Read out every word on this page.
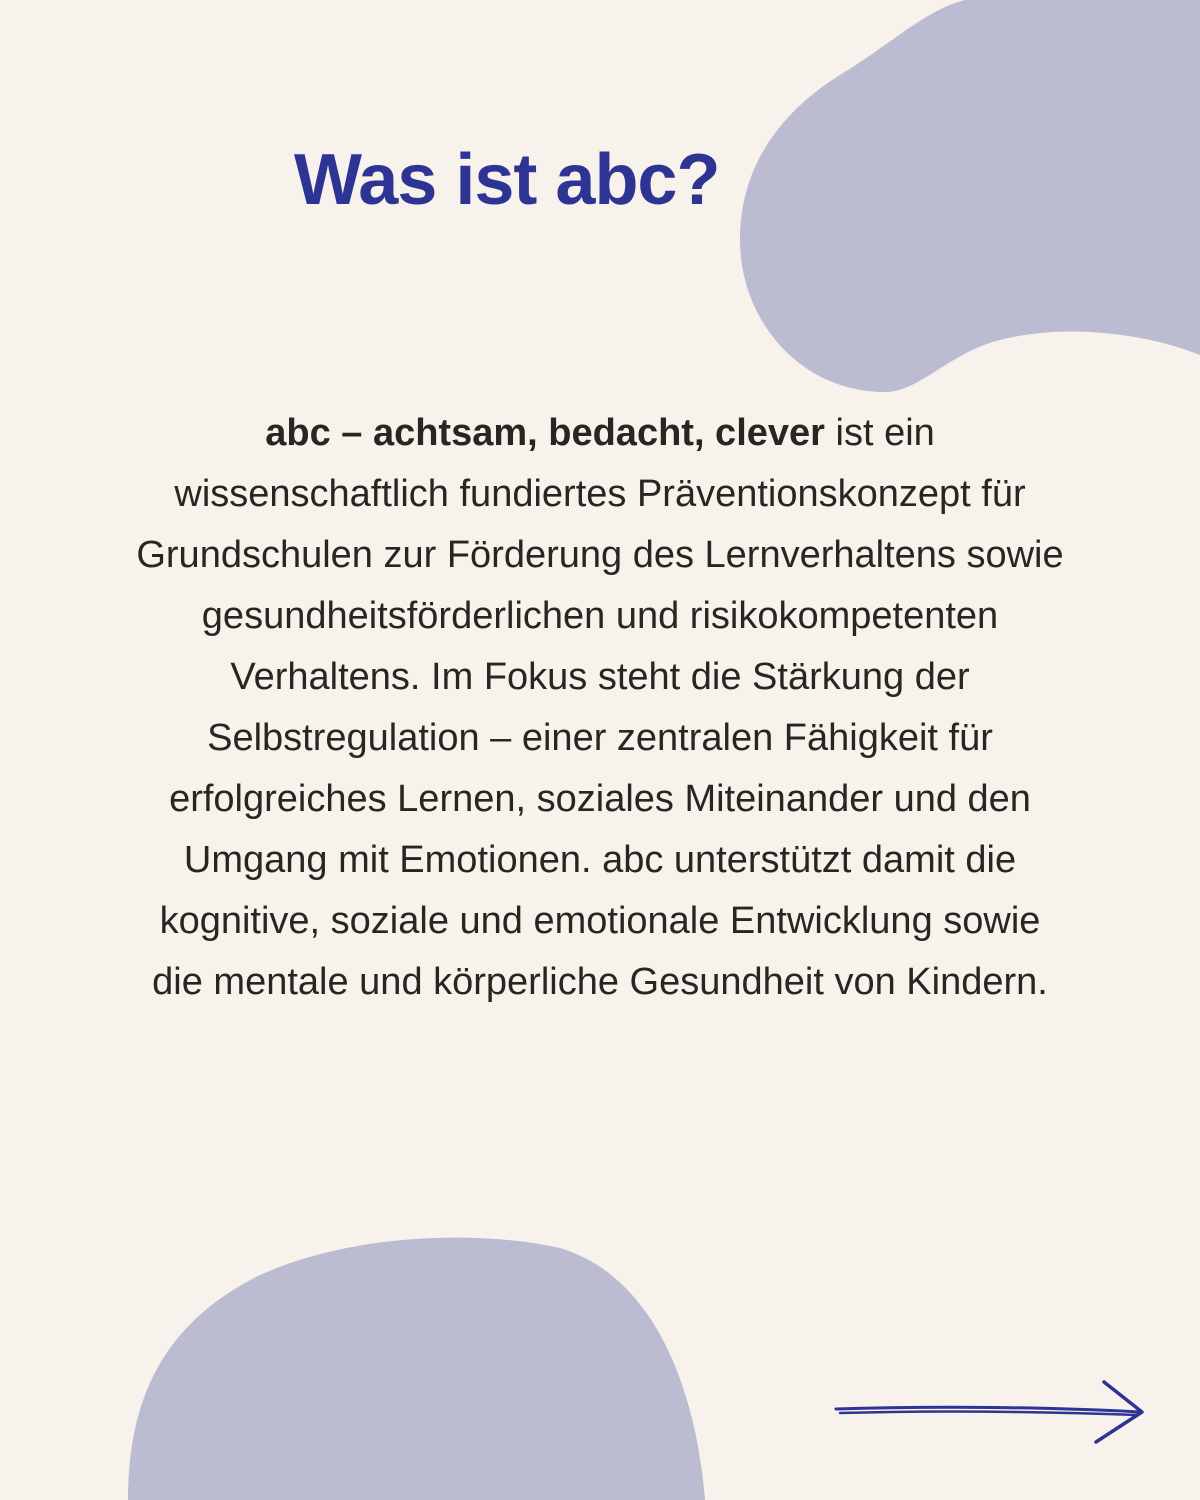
Was ist abc?

abc – achtsam, bedacht, clever ist ein wissenschaftlich fundiertes Präventionskonzept für Grundschulen zur Förderung des Lernverhaltens sowie gesundheitsförderlichen und risikokompetenten Verhaltens. Im Fokus steht die Stärkung der Selbstregulation – einer zentralen Fähigkeit für erfolgreiches Lernen, soziales Miteinander und den Umgang mit Emotionen. abc unterstützt damit die kognitive, soziale und emotionale Entwicklung sowie die mentale und körperliche Gesundheit von Kindern.
